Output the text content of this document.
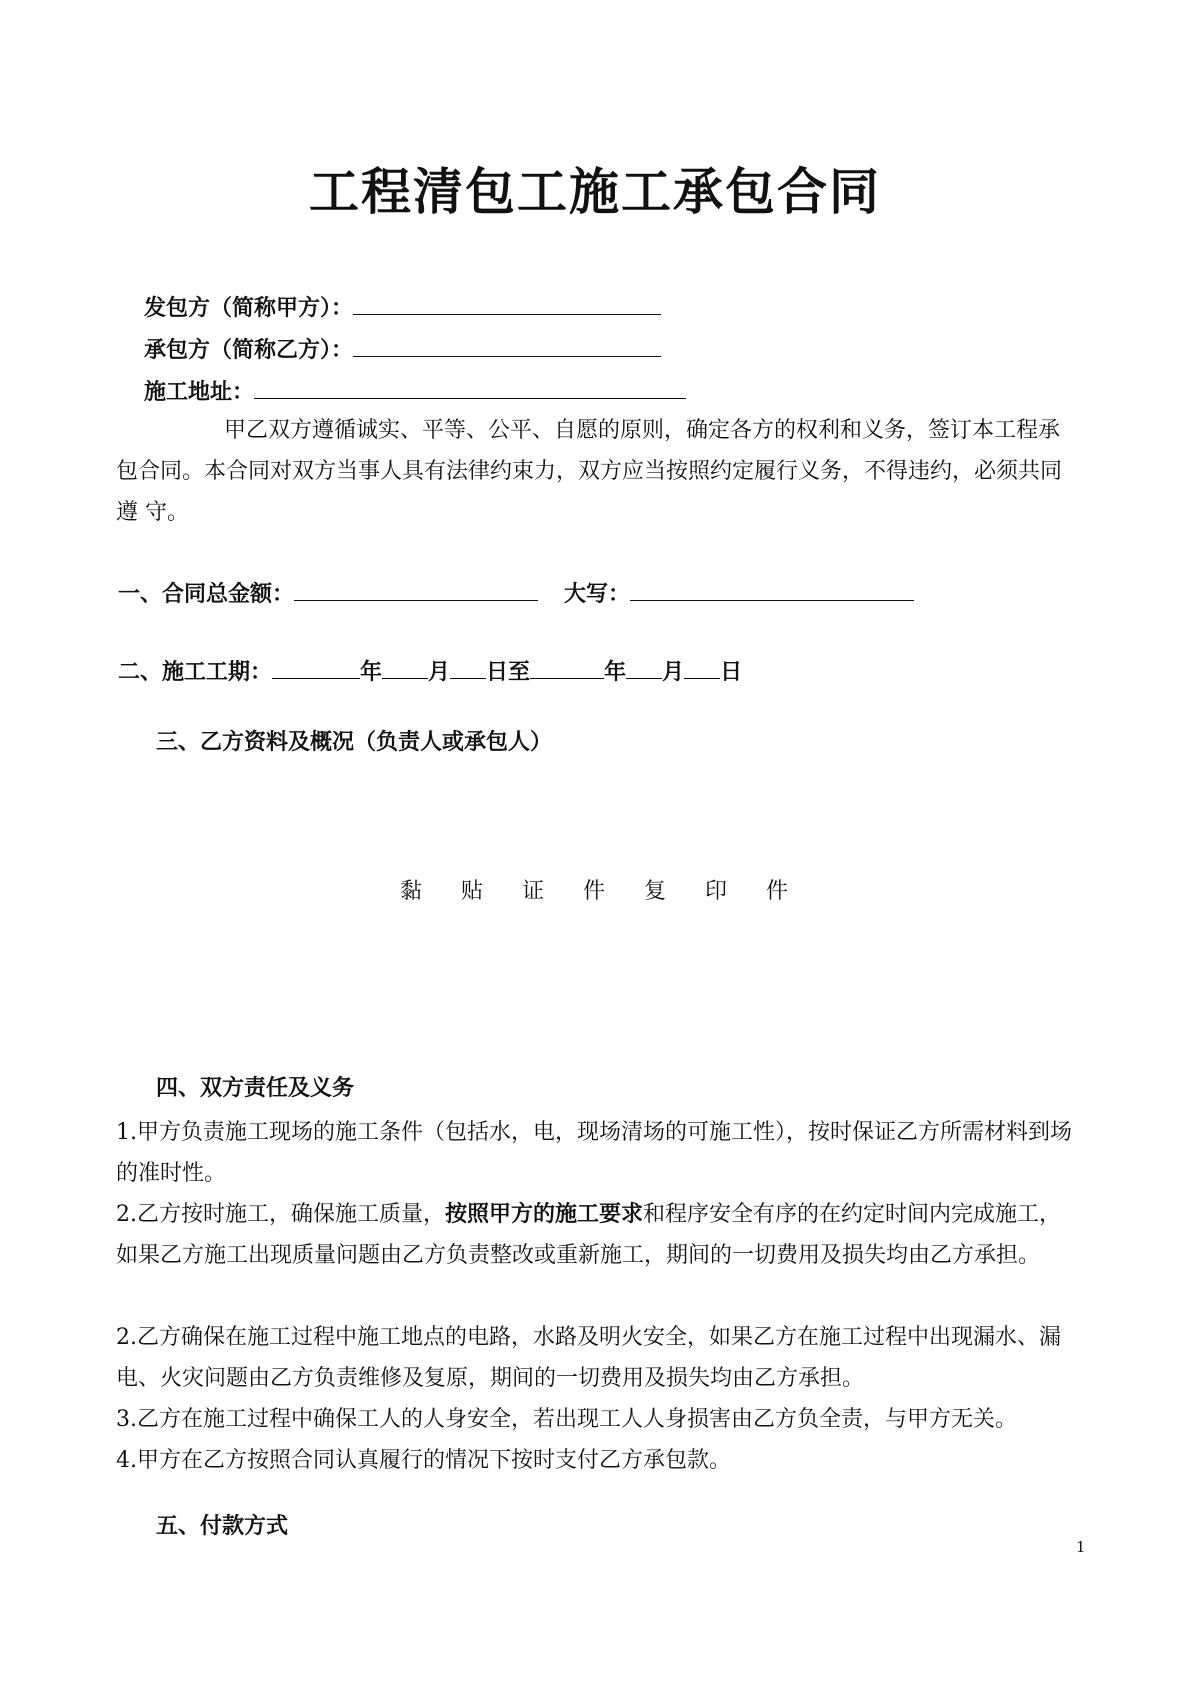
工程清包工施工承包合同
发包方（简称甲方）：
承包方（简称乙方）：
施工地址：
甲乙双方遵循诚实、平等、公平、自愿的原则，确定各方的权利和义务，签订本工程承包合同。本合同对双方当事人具有法律约束力，双方应当按照约定履行义务，不得违约，必须共同遵 守。
一、合同总金额：	大写：
二、施工工期：	年 月 日至	年 月 日
三、乙方资料及概况（负责人或承包人）
黏 贴 证 件 复 印 件
四、双方责任及义务
1.甲方负责施工现场的施工条件（包括水，电，现场清场的可施工性），按时保证乙方所需材料到场的准时性。
2.乙方按时施工，确保施工质量，按照甲方的施工要求和程序安全有序的在约定时间内完成施工，如果乙方施工出现质量问题由乙方负责整改或重新施工，期间的一切费用及损失均由乙方承担。
2.乙方确保在施工过程中施工地点的电路，水路及明火安全，如果乙方在施工过程中出现漏水、漏电、火灾问题由乙方负责维修及复原，期间的一切费用及损失均由乙方承担。
3.乙方在施工过程中确保工人的人身安全，若出现工人人身损害由乙方负全责，与甲方无关。
4.甲方在乙方按照合同认真履行的情况下按时支付乙方承包款。
五、付款方式
1
